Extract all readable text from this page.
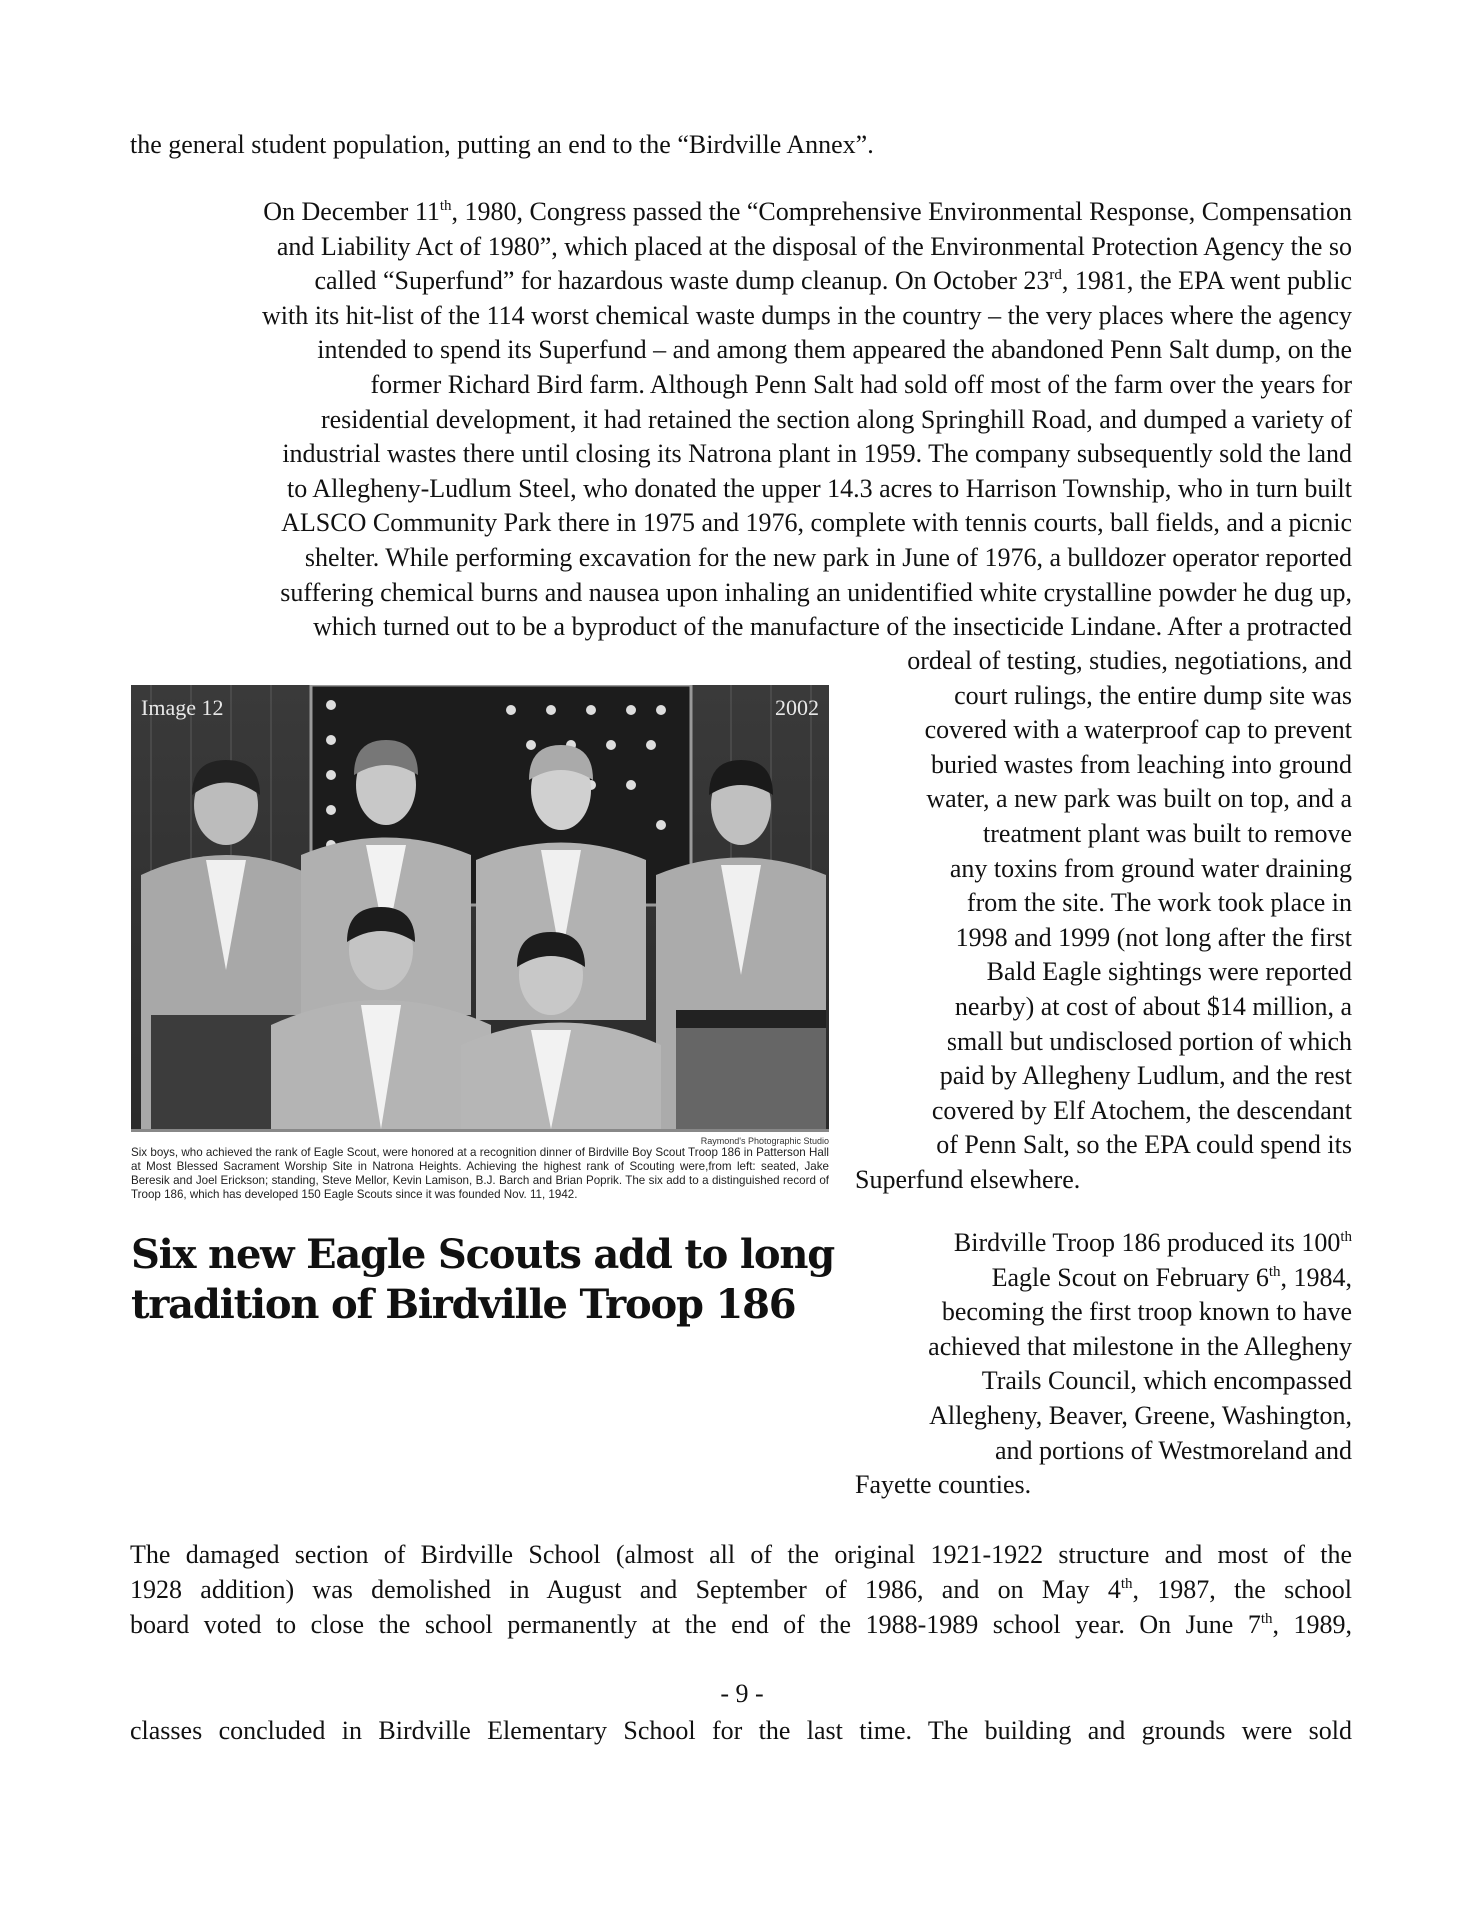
the general student population, putting an end to the “Birdville Annex”.
On December 11th, 1980, Congress passed the “Comprehensive Environmental Response, Compensation
and Liability Act of 1980”, which placed at the disposal of the Environmental Protection Agency the so
called “Superfund” for hazardous waste dump cleanup. On October 23rd, 1981, the EPA went public
with its hit-list of the 114 worst chemical waste dumps in the country – the very places where the agency
intended to spend its Superfund – and among them appeared the abandoned Penn Salt dump, on the
former Richard Bird farm. Although Penn Salt had sold off most of the farm over the years for
residential development, it had retained the section along Springhill Road, and dumped a variety of
industrial wastes there until closing its Natrona plant in 1959. The company subsequently sold the land
to Allegheny-Ludlum Steel, who donated the upper 14.3 acres to Harrison Township, who in turn built
ALSCO Community Park there in 1975 and 1976, complete with tennis courts, ball fields, and a picnic
shelter. While performing excavation for the new park in June of 1976, a bulldozer operator reported
suffering chemical burns and nausea upon inhaling an unidentified white crystalline powder he dug up,
which turned out to be a byproduct of the manufacture of the insecticide Lindane. After a protracted
Image 12	2002
Raymond's Photographic Studio
Six boys, who achieved the rank of Eagle Scout, were honored at a recognition dinner of Birdville Boy Scout Troop 186 in Patterson Hall at Most Blessed Sacrament Worship Site in Natrona Heights. Achieving the highest rank of Scouting were,from left: seated, Jake Beresik and Joel Erickson; standing, Steve Mellor, Kevin Lamison, B.J. Barch and Brian Poprik. The six add to a distinguished record of Troop 186, which has developed 150 Eagle Scouts since it was founded Nov. 11, 1942.
Six new Eagle Scouts add to long
tradition of Birdville Troop 186
ordeal of testing, studies, negotiations, and
court rulings, the entire dump site was
covered with a waterproof cap to prevent
buried wastes from leaching into ground
water, a new park was built on top, and a
treatment plant was built to remove
any toxins from ground water draining
from the site. The work took place in
1998 and 1999 (not long after the first
Bald Eagle sightings were reported
nearby) at cost of about $14 million, a
small but undisclosed portion of which
paid by Allegheny Ludlum, and the rest
covered by Elf Atochem, the descendant
of Penn Salt, so the EPA could spend its
Superfund elsewhere.
Birdville Troop 186 produced its 100th
Eagle Scout on February 6th, 1984,
becoming the first troop known to have
achieved that milestone in the Allegheny
Trails Council, which encompassed
Allegheny, Beaver, Greene, Washington,
and portions of Westmoreland and
Fayette counties.
The damaged section of Birdville School (almost all of the original 1921-1922 structure and most of the
1928 addition) was demolished in August and September of 1986, and on May 4th, 1987, the school
board voted to close the school permanently at the end of the 1988-1989 school year. On June 7th, 1989,
- 9 -
classes concluded in Birdville Elementary School for the last time. The building and grounds were sold
